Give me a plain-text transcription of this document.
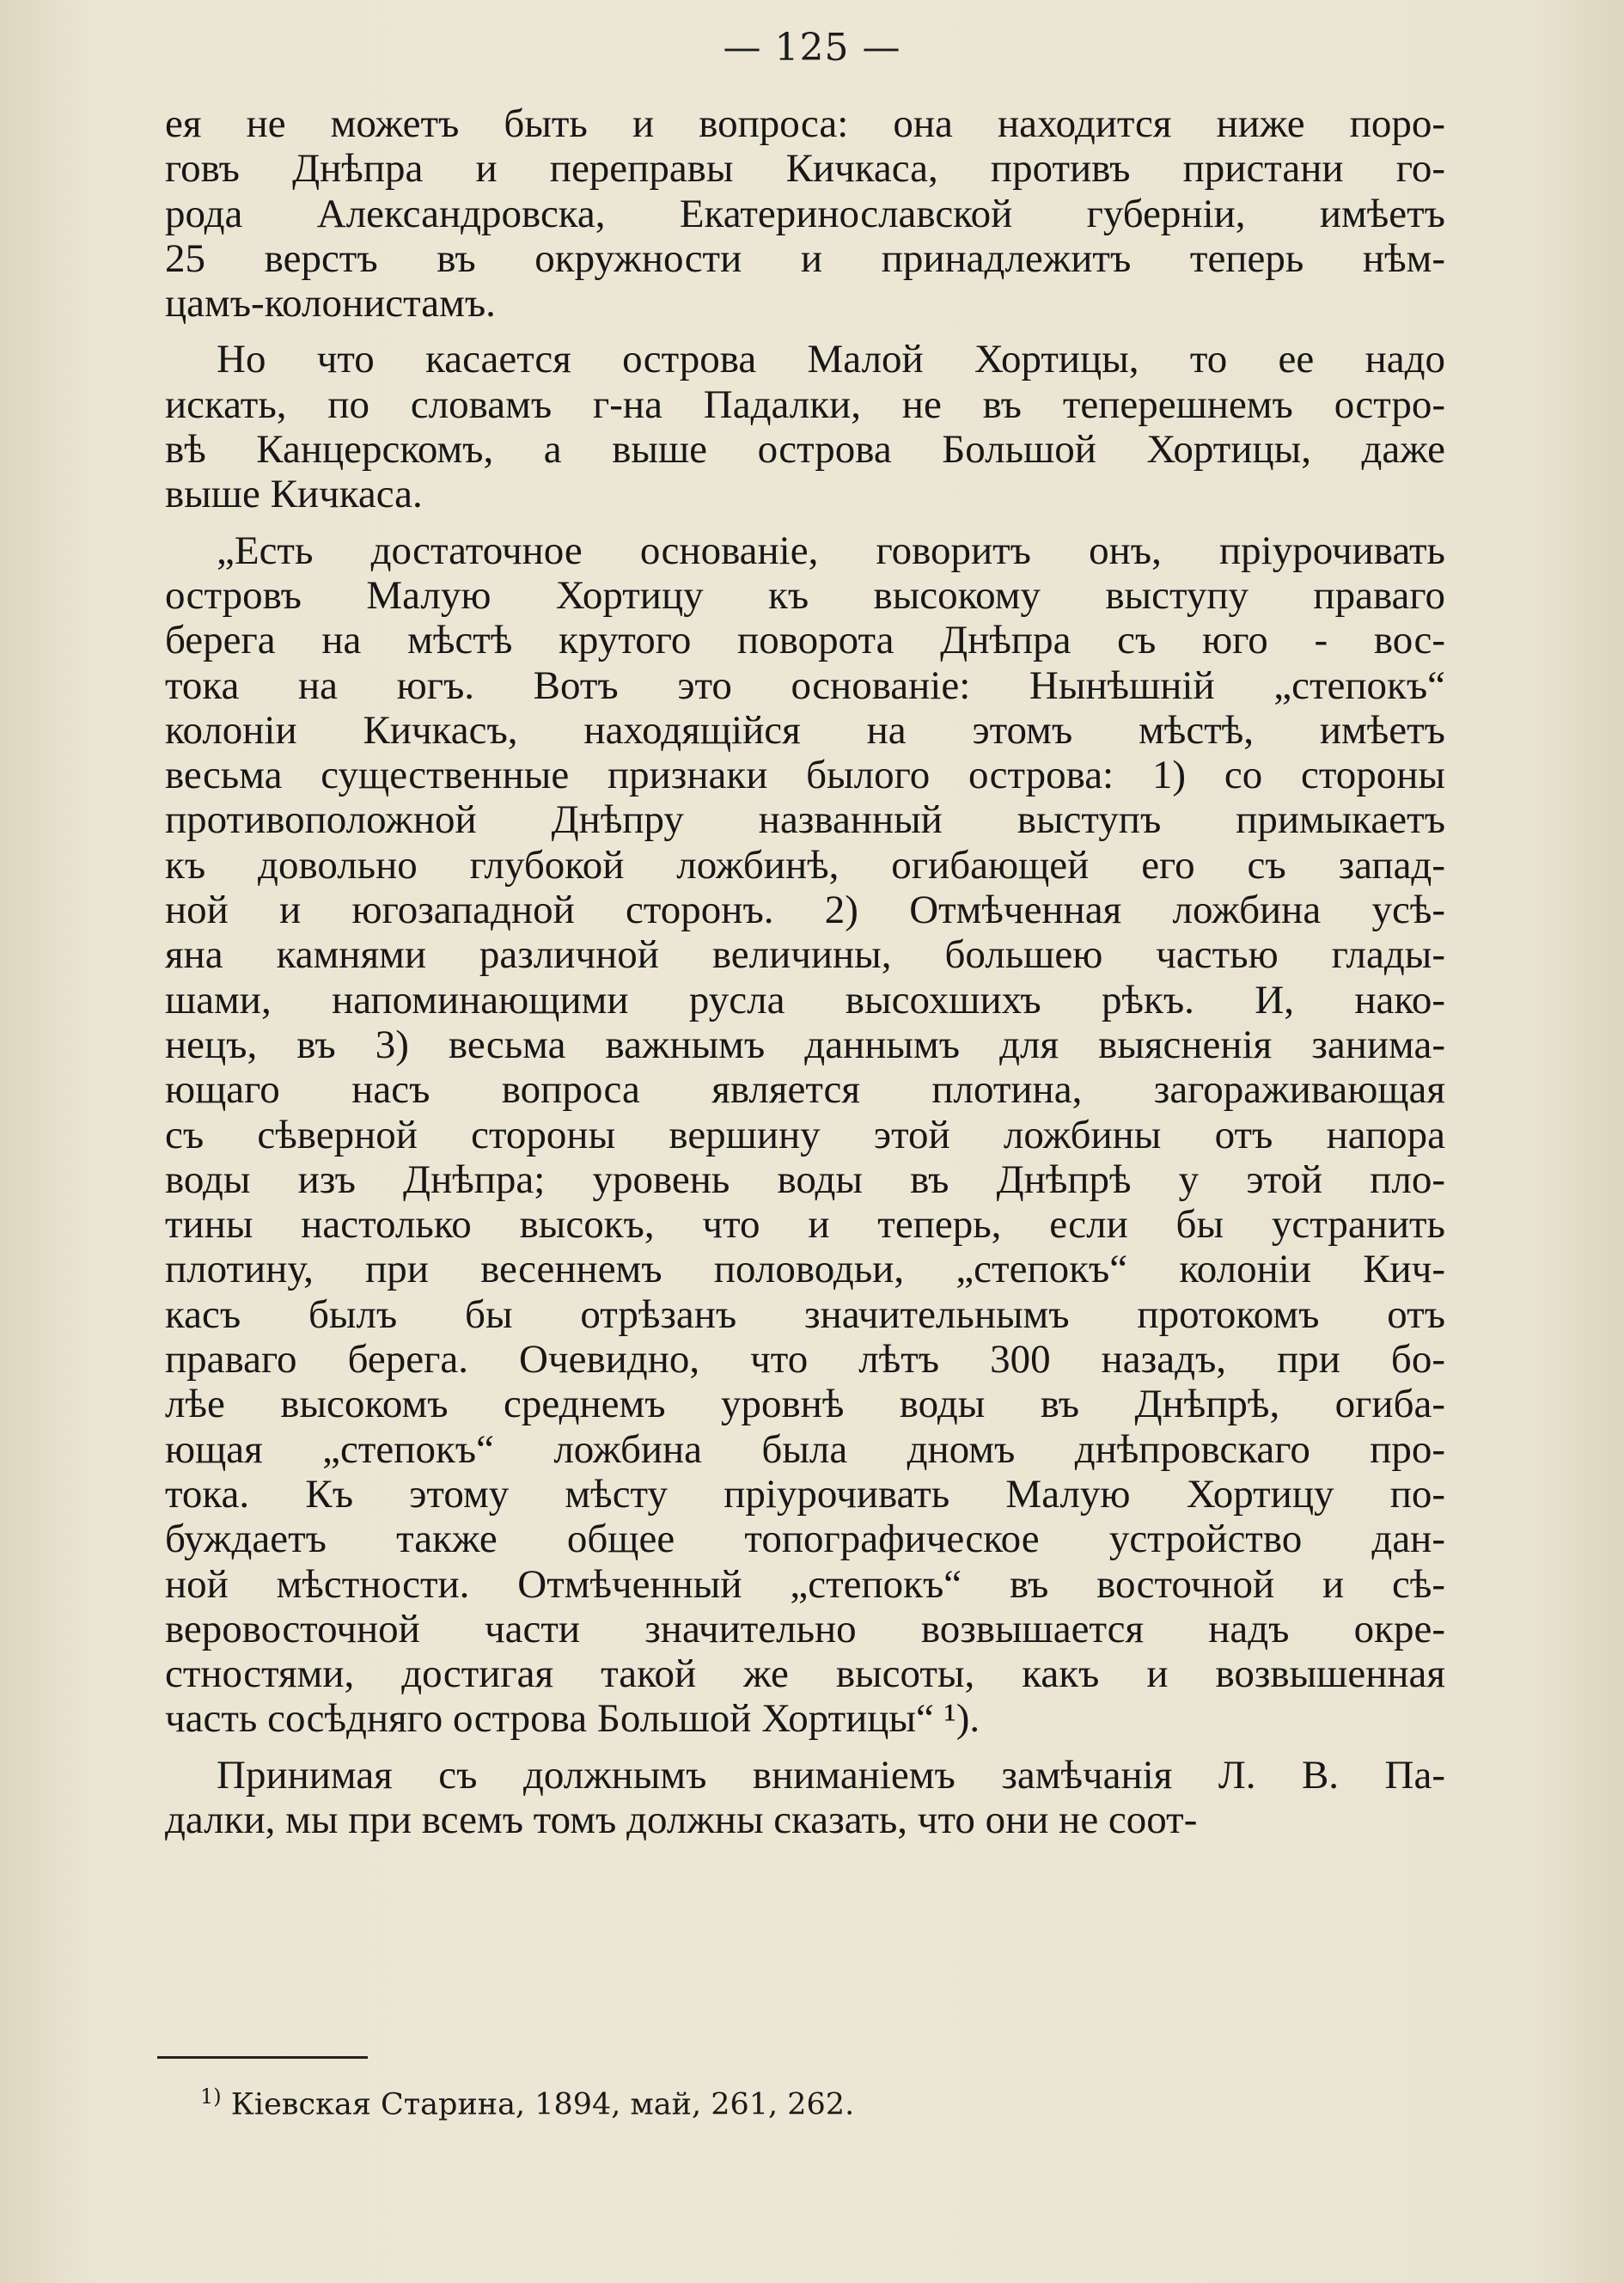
— 125 —
ея не можетъ быть и вопроса: она находится ниже поро-
говъ Днѣпра и переправы Кичкаса, противъ пристани го-
рода Александровска, Екатеринославской губерніи, имѣетъ
25 верстъ въ окружности и принадлежитъ теперь нѣм-
цамъ-колонистамъ.
Но что касается острова Малой Хортицы, то ее надо
искать, по словамъ г-на Падалки, не въ теперешнемъ остро-
вѣ Канцерскомъ, а выше острова Большой Хортицы, даже
выше Кичкаса.
„Есть достаточное основаніе, говоритъ онъ, пріурочивать
островъ Малую Хортицу къ высокому выступу праваго
берега на мѣстѣ крутого поворота Днѣпра съ юго - вос-
тока на югъ. Вотъ это основаніе: Нынѣшній „степокъ“
колоніи Кичкасъ, находящійся на этомъ мѣстѣ, имѣетъ
весьма существенные признаки былого острова: 1) со стороны
противоположной Днѣпру названный выступъ примыкаетъ
къ довольно глубокой ложбинѣ, огибающей его съ запад-
ной и югозападной сторонъ. 2) Отмѣченная ложбина усѣ-
яна камнями различной величины, большею частью глады-
шами, напоминающими русла высохшихъ рѣкъ. И, нако-
нецъ, въ 3) весьма важнымъ даннымъ для выясненія занима-
ющаго насъ вопроса является плотина, загораживающая
съ сѣверной стороны вершину этой ложбины отъ напора
воды изъ Днѣпра; уровень воды въ Днѣпрѣ у этой пло-
тины настолько высокъ, что и теперь, если бы устранить
плотину, при весеннемъ половодьи, „степокъ“ колоніи Кич-
касъ былъ бы отрѣзанъ значительнымъ протокомъ отъ
праваго берега. Очевидно, что лѣтъ 300 назадъ, при бо-
лѣе высокомъ среднемъ уровнѣ воды въ Днѣпрѣ, огиба-
ющая „степокъ“ ложбина была дномъ днѣпровскаго про-
тока. Къ этому мѣсту пріурочивать Малую Хортицу по-
буждаетъ также общее топографическое устройство дан-
ной мѣстности. Отмѣченный „степокъ“ въ восточной и сѣ-
веровосточной части значительно возвышается надъ окре-
стностями, достигая такой же высоты, какъ и возвышенная
часть сосѣдняго острова Большой Хортицы“ ¹).
Принимая съ должнымъ вниманіемъ замѣчанія Л. В. Па-
далки, мы при всемъ томъ должны сказать, что они не соот-
$^{1)}$ Кіевская Старина, 1894, май, 261, 262.
